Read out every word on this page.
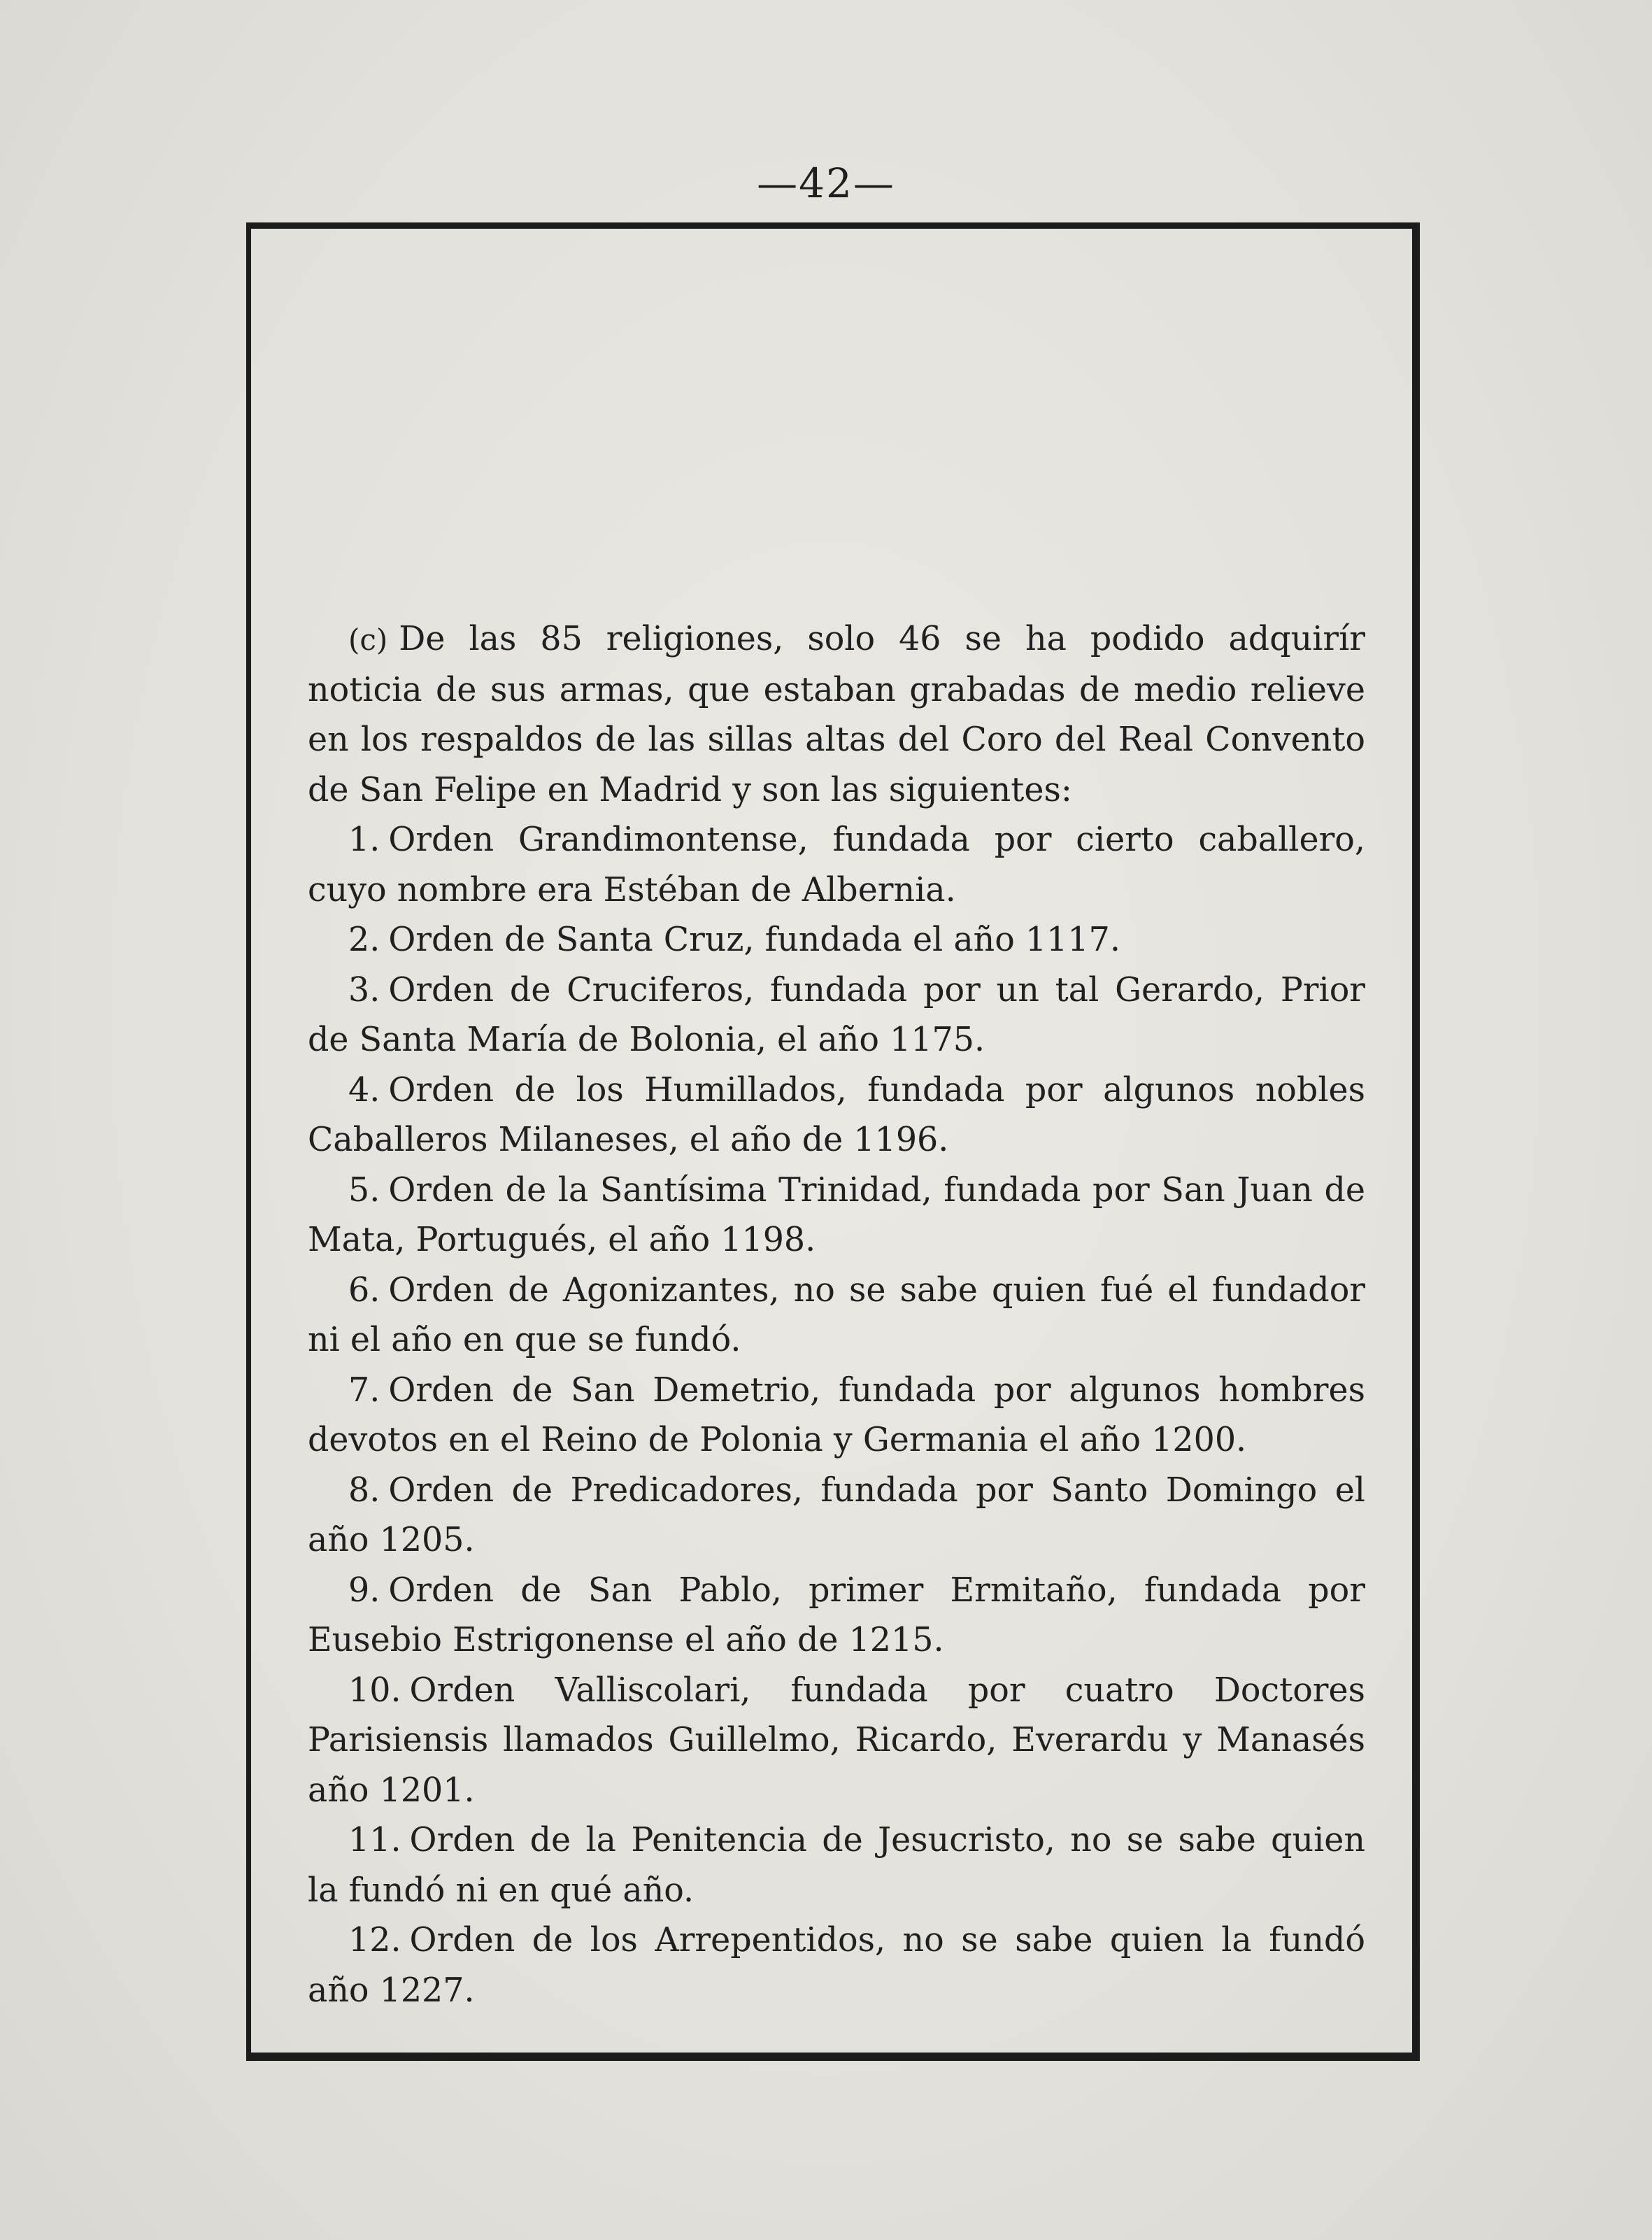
—42—

(c) De las 85 religiones, solo 46 se ha podido adquirír noticia de sus armas, que estaban grabadas de medio relieve en los respaldos de las sillas altas del Coro del Real Convento de San Felipe en Madrid y son las siguientes:

1. Orden Grandimontense, fundada por cierto caballero, cuyo nombre era Estéban de Albernia.

2. Orden de Santa Cruz, fundada el año 1117.

3. Orden de Cruciferos, fundada por un tal Gerardo, Prior de Santa María de Bolonia, el año 1175.

4. Orden de los Humillados, fundada por algunos nobles Caballeros Milaneses, el año de 1196.

5. Orden de la Santísima Trinidad, fundada por San Juan de Mata, Portugués, el año 1198.

6. Orden de Agonizantes, no se sabe quien fué el fundador ni el año en que se fundó.

7. Orden de San Demetrio, fundada por algunos hombres devotos en el Reino de Polonia y Germania el año 1200.

8. Orden de Predicadores, fundada por Santo Domingo el año 1205.

9. Orden de San Pablo, primer Ermitaño, fundada por Eusebio Estrigonense el año de 1215.

10. Orden Valliscolari, fundada por cuatro Doctores Parisiensis llamados Guillelmo, Ricardo, Everardu y Manasés año 1201.

11. Orden de la Penitencia de Jesucristo, no se sabe quien la fundó ni en qué año.

12. Orden de los Arrepentidos, no se sabe quien la fundó año 1227.
